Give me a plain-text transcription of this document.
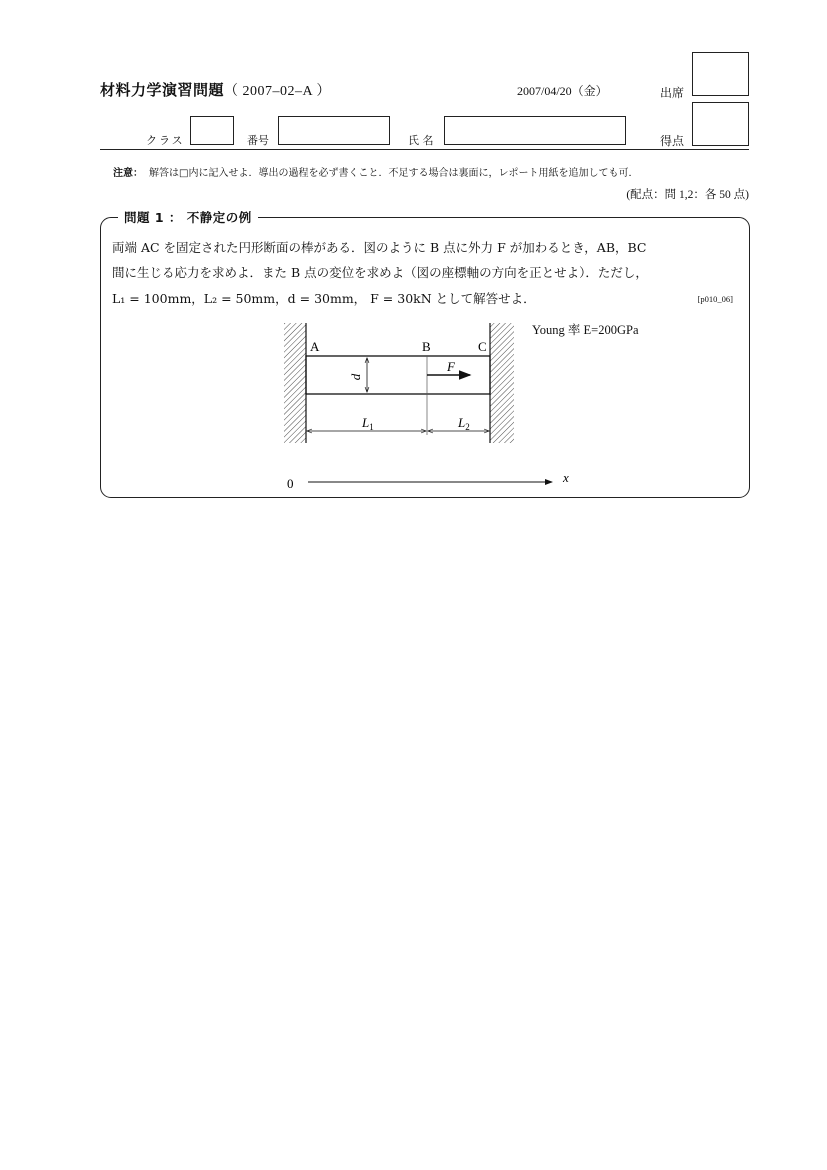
材料力学演習問題（ 2007–02–A ）	2007/04/20（金）	出席
クラス	番号	氏 名	得点
注意： 解答は□内に記入せよ．導出の過程を必ず書くこと．不足する場合は裏面に，レポート用紙を追加しても可．
(配点：問 1,2：各 50 点)
問題 1 ： 不静定の例
両端 AC を固定された円形断面の棒がある．図のように B 点に外力 F が加わるとき，AB，BC
間に生じる応力を求めよ．また B 点の変位を求めよ（図の座標軸の方向を正とせよ）．ただし，
L₁ = 100mm，L₂ = 50mm，d = 30mm， F = 30kN として解答せよ．	[p010_06]
Young 率 E=200GPa
d
F
A	B	C
$L_1$	$L_2$
0	x
